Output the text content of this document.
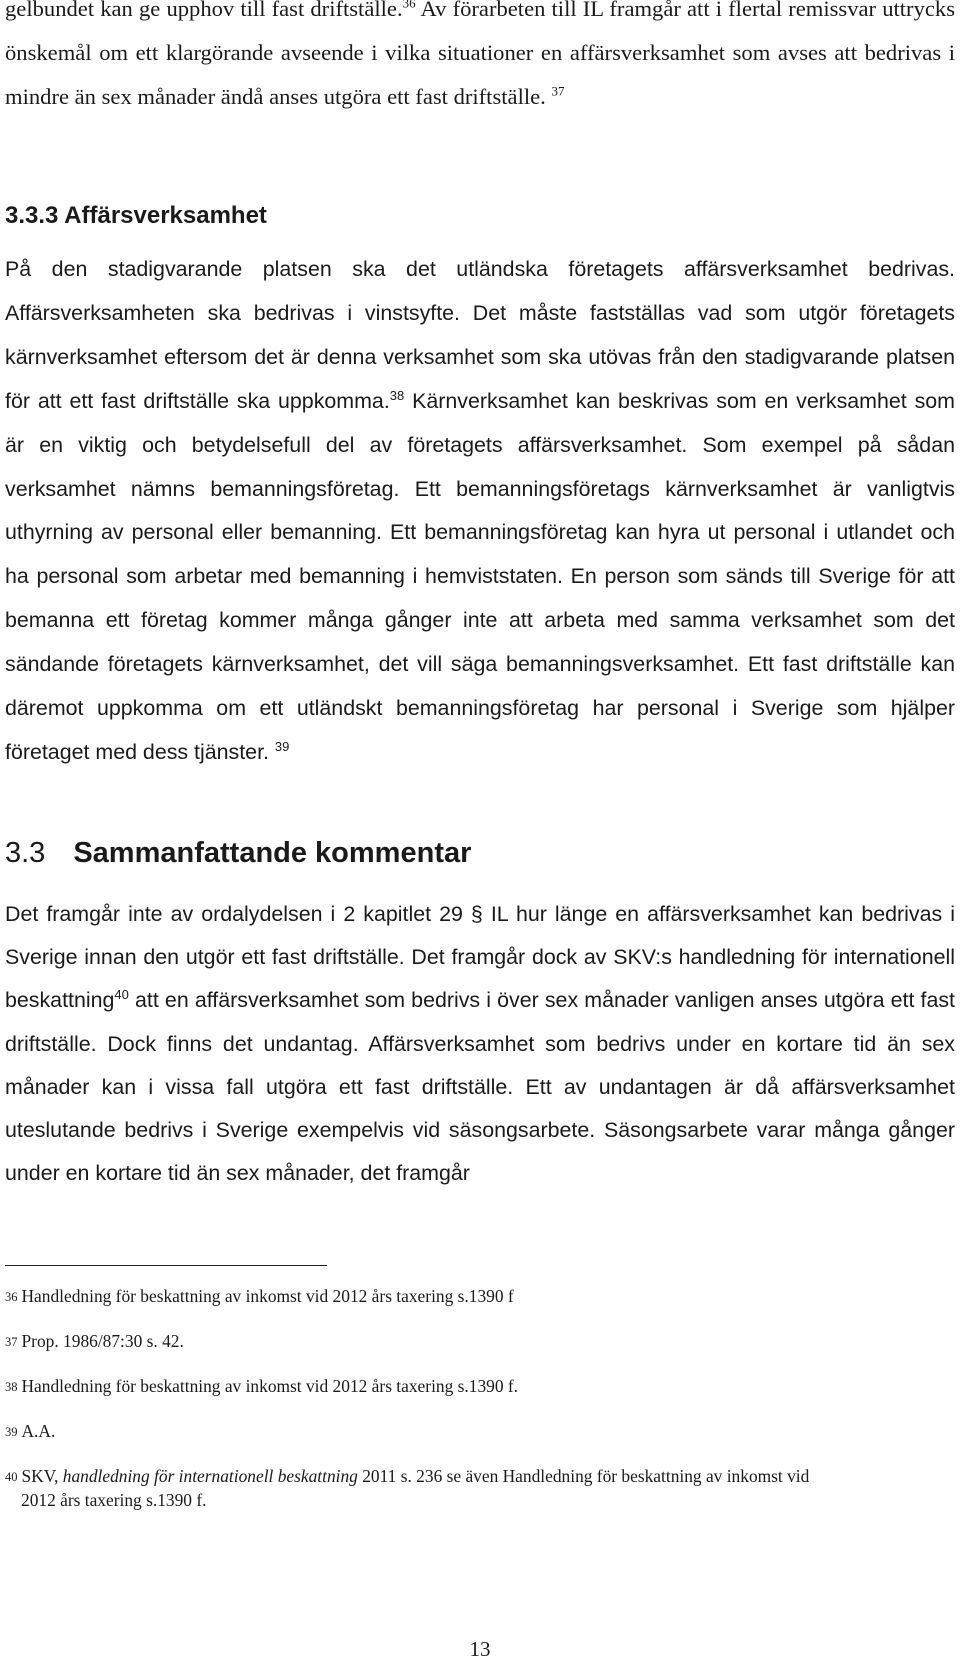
gelbundet kan ge upphov till fast driftställe.$^{36}$ Av förarbeten till IL framgår att i flertal remissvar uttrycks önskemål om ett klargörande avseende i vilka situationer en affärsverksamhet som avses att bedrivas i mindre än sex månader ändå anses utgöra ett fast driftställe. $^{37}$

3.3.3 Affärsverksamhet

På den stadigvarande platsen ska det utländska företagets affärsverksamhet bedrivas. Affärsverksamheten ska bedrivas i vinstsyfte. Det måste fastställas vad som utgör företagets kärnverksamhet eftersom det är denna verksamhet som ska utövas från den stadigvarande platsen för att ett fast driftställe ska uppkomma.$^{38}$ Kärnverksamhet kan beskrivas som en verksamhet som är en viktig och betydelsefull del av företagets affärsverksamhet. Som exempel på sådan verksamhet nämns bemanningsföretag. Ett bemanningsföretags kärnverksamhet är vanligtvis uthyrning av personal eller bemanning. Ett bemanningsföretag kan hyra ut personal i utlandet och ha personal som arbetar med bemanning i hemviststaten. En person som sänds till Sverige för att bemanna ett företag kommer många gånger inte att arbeta med samma verksamhet som det sändande företagets kärnverksamhet, det vill säga bemanningsverksamhet. Ett fast driftställe kan däremot uppkomma om ett utländskt bemanningsföretag har personal i Sverige som hjälper företaget med dess tjänster. $^{39}$

3.3 Sammanfattande kommentar

Det framgår inte av ordalydelsen i 2 kapitlet 29 § IL hur länge en affärsverksamhet kan bedrivas i Sverige innan den utgör ett fast driftställe. Det framgår dock av SKV:s handledning för internationell beskattning$^{40}$ att en affärsverksamhet som bedrivs i över sex månader vanligen anses utgöra ett fast driftställe. Dock finns det undantag. Affärsverksamhet som bedrivs under en kortare tid än sex månader kan i vissa fall utgöra ett fast driftställe. Ett av undantagen är då affärsverksamhet uteslutande bedrivs i Sverige exempelvis vid säsongsarbete. Säsongsarbete varar många gånger under en kortare tid än sex månader, det framgår

36 Handledning för beskattning av inkomst vid 2012 års taxering s.1390 f

37 Prop. 1986/87:30 s. 42.

38 Handledning för beskattning av inkomst vid 2012 års taxering s.1390 f.

39 A.A.

40 SKV, handledning för internationell beskattning 2011 s. 236 se även Handledning för beskattning av inkomst vid
2012 års taxering s.1390 f.

13
